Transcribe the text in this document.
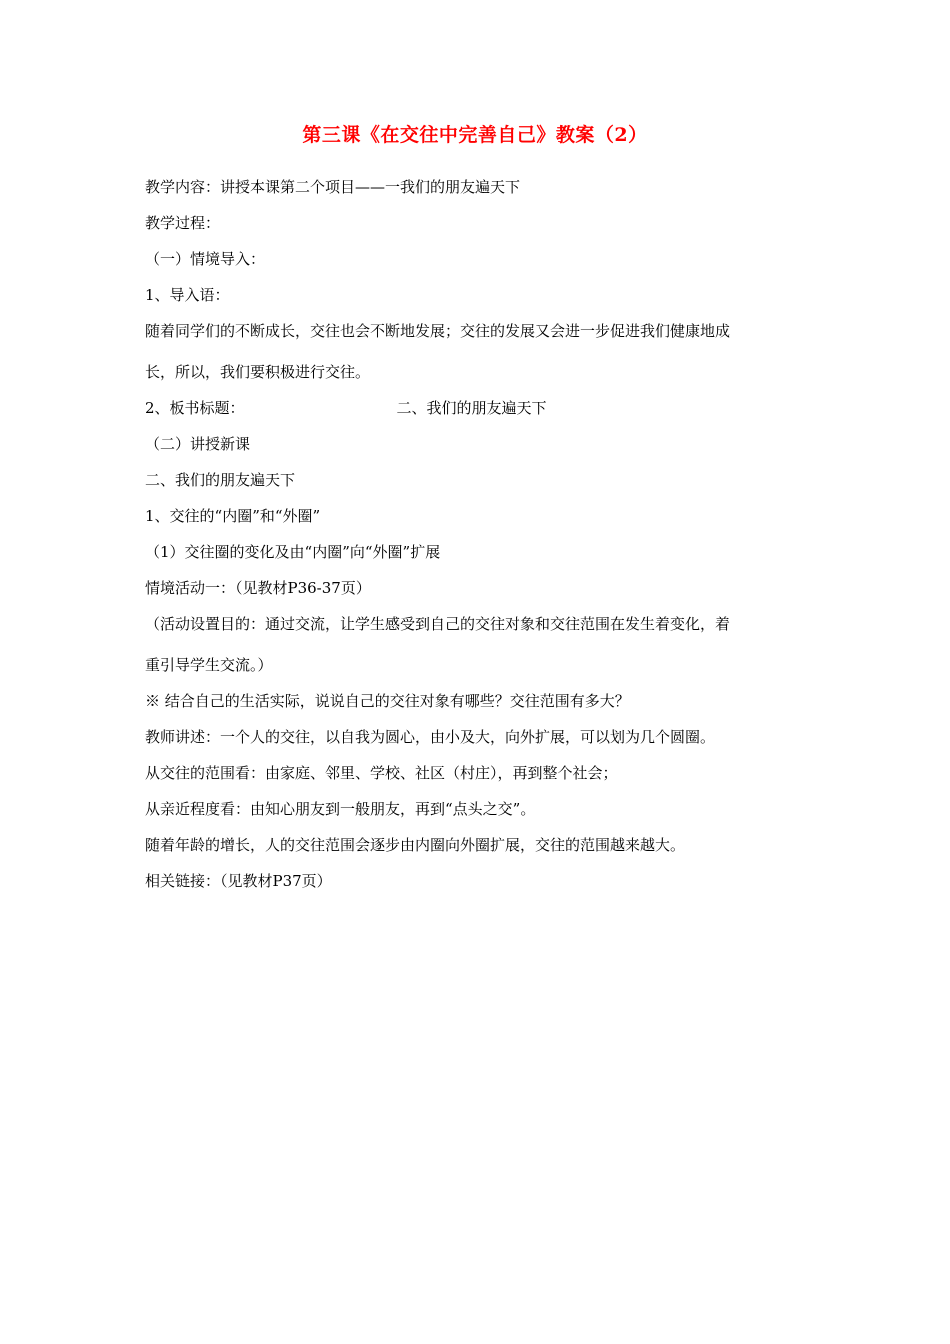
第三课《在交往中完善自己》教案（2）
教学内容：讲授本课第二个项目——一我们的朋友遍天下
教学过程：
（一）情境导入：
1、导入语：
随着同学们的不断成长，交往也会不断地发展；交往的发展又会进一步促进我们健康地成
长，所以，我们要积极进行交往。
2、板书标题：	二、我们的朋友遍天下
（二）讲授新课
二、我们的朋友遍天下
1、交往的“内圈”和“外圈”
（1）交往圈的变化及由“内圈”向“外圈”扩展
情境活动一：（见教材P36-37页）
（活动设置目的：通过交流，让学生感受到自己的交往对象和交往范围在发生着变化，着
重引导学生交流。）
※ 结合自己的生活实际，说说自己的交往对象有哪些？交往范围有多大？
教师讲述：一个人的交往，以自我为圆心，由小及大，向外扩展，可以划为几个圆圈。
从交往的范围看：由家庭、邻里、学校、社区（村庄），再到整个社会；
从亲近程度看：由知心朋友到一般朋友，再到“点头之交”。
随着年龄的增长，人的交往范围会逐步由内圈向外圈扩展，交往的范围越来越大。
相关链接：（见教材P37页）
